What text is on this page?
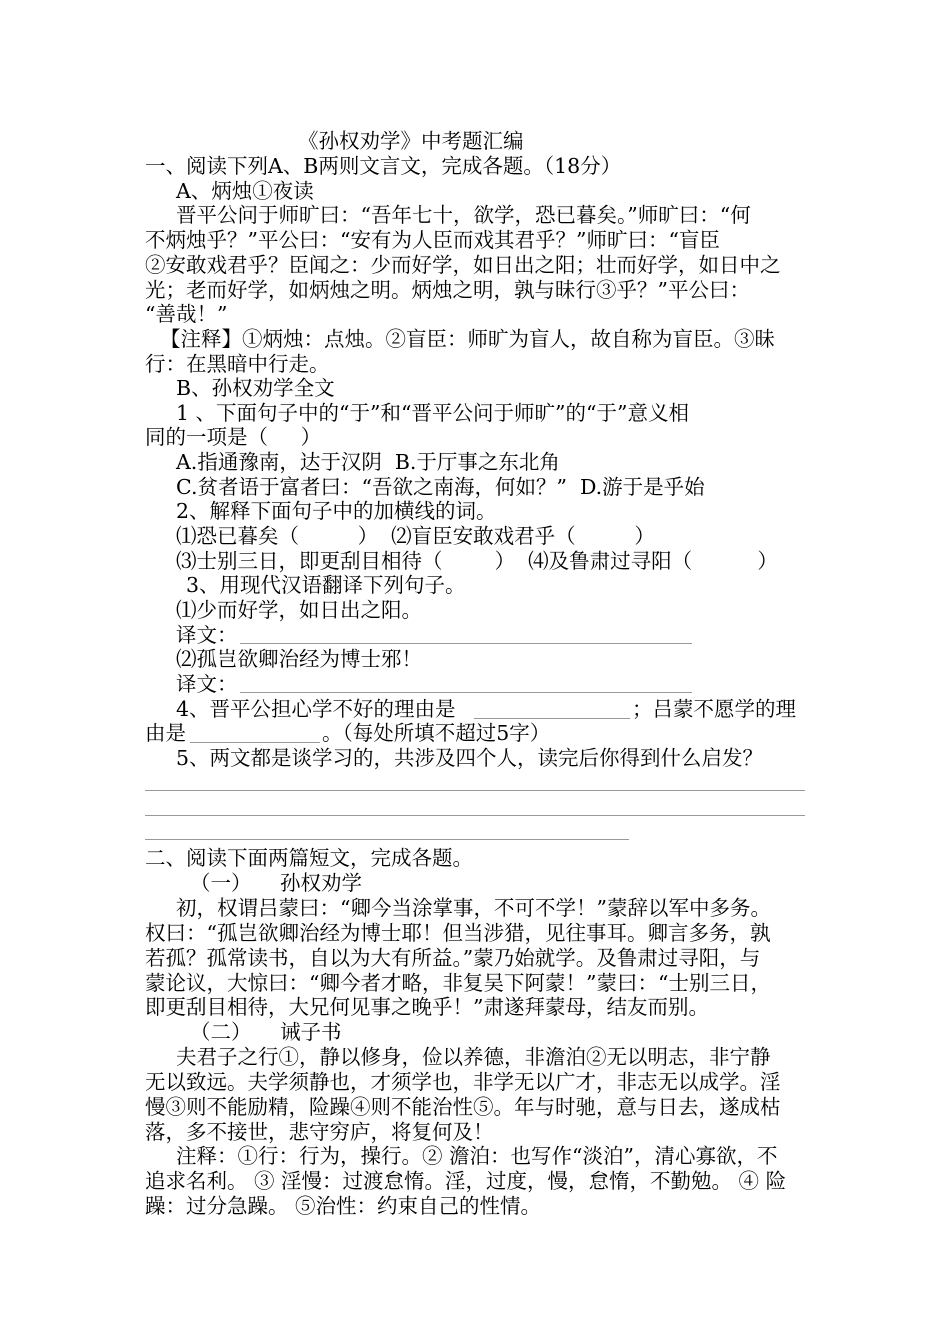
《孙权劝学》中考题汇编
一、阅读下列A、B两则文言文，完成各题。（18分）
A、炳烛①夜读
晋平公问于师旷曰：“吾年七十，欲学，恐已暮矣。”师旷曰：“何
不炳烛乎？”平公曰：“安有为人臣而戏其君乎？”师旷曰：“盲臣
②安敢戏君乎？臣闻之：少而好学，如日出之阳；壮而好学，如日中之
光；老而好学，如炳烛之明。炳烛之明，孰与昧行③乎？”平公曰：
“善哉！”
【注释】①炳烛：点烛。②盲臣：师旷为盲人，故自称为盲臣。③昧
行：在黑暗中行走。
B、孙权劝学全文
1 、下面句子中的“于”和“晋平公问于师旷”的“于”意义相
同的一项是（     ）
A.指通豫南，达于汉阴  B.于厅事之东北角
C.贫者语于富者曰：“吾欲之南海，何如？”  D.游于是乎始
2、解释下面句子中的加横线的词。
⑴恐已暮矣（         ）  ⑵盲臣安敢戏君乎（         ）
⑶士别三日，即更刮目相待（        ）  ⑷及鲁肃过寻阳（          ）
3、用现代汉语翻译下列句子。
⑴少而好学，如日出之阳。
译文：
⑵孤岂欲卿治经为博士邪！
译文：
4、晋平公担心学不好的理由是	；吕蒙不愿学的理
由是	。（每处所填不超过5字）
5、两文都是谈学习的，共涉及四个人，读完后你得到什么启发？
二、阅读下面两篇短文，完成各题。
（一） 孙权劝学
初，权谓吕蒙曰：“卿今当涂掌事，不可不学！”蒙辞以军中多务。
权曰：“孤岂欲卿治经为博士耶！但当涉猎，见往事耳。卿言多务，孰
若孤？孤常读书，自以为大有所益。”蒙乃始就学。及鲁肃过寻阳，与
蒙论议，大惊曰：“卿今者才略，非复吴下阿蒙！”蒙曰：“士别三日，
即更刮目相待，大兄何见事之晚乎！”肃遂拜蒙母，结友而别。
（二） 诫子书
夫君子之行①，静以修身，俭以养德，非澹泊②无以明志，非宁静
无以致远。夫学须静也，才须学也，非学无以广才，非志无以成学。淫
慢③则不能励精，险躁④则不能治性⑤。年与时驰，意与日去，遂成枯
落，多不接世，悲守穷庐，将复何及！
注释：①行：行为，操行。② 澹泊：也写作“淡泊”，清心寡欲，不
追求名利。 ③ 淫慢：过渡怠惰。淫，过度，慢，怠惰，不勤勉。 ④ 险
躁：过分急躁。 ⑤治性：约束自己的性情。
